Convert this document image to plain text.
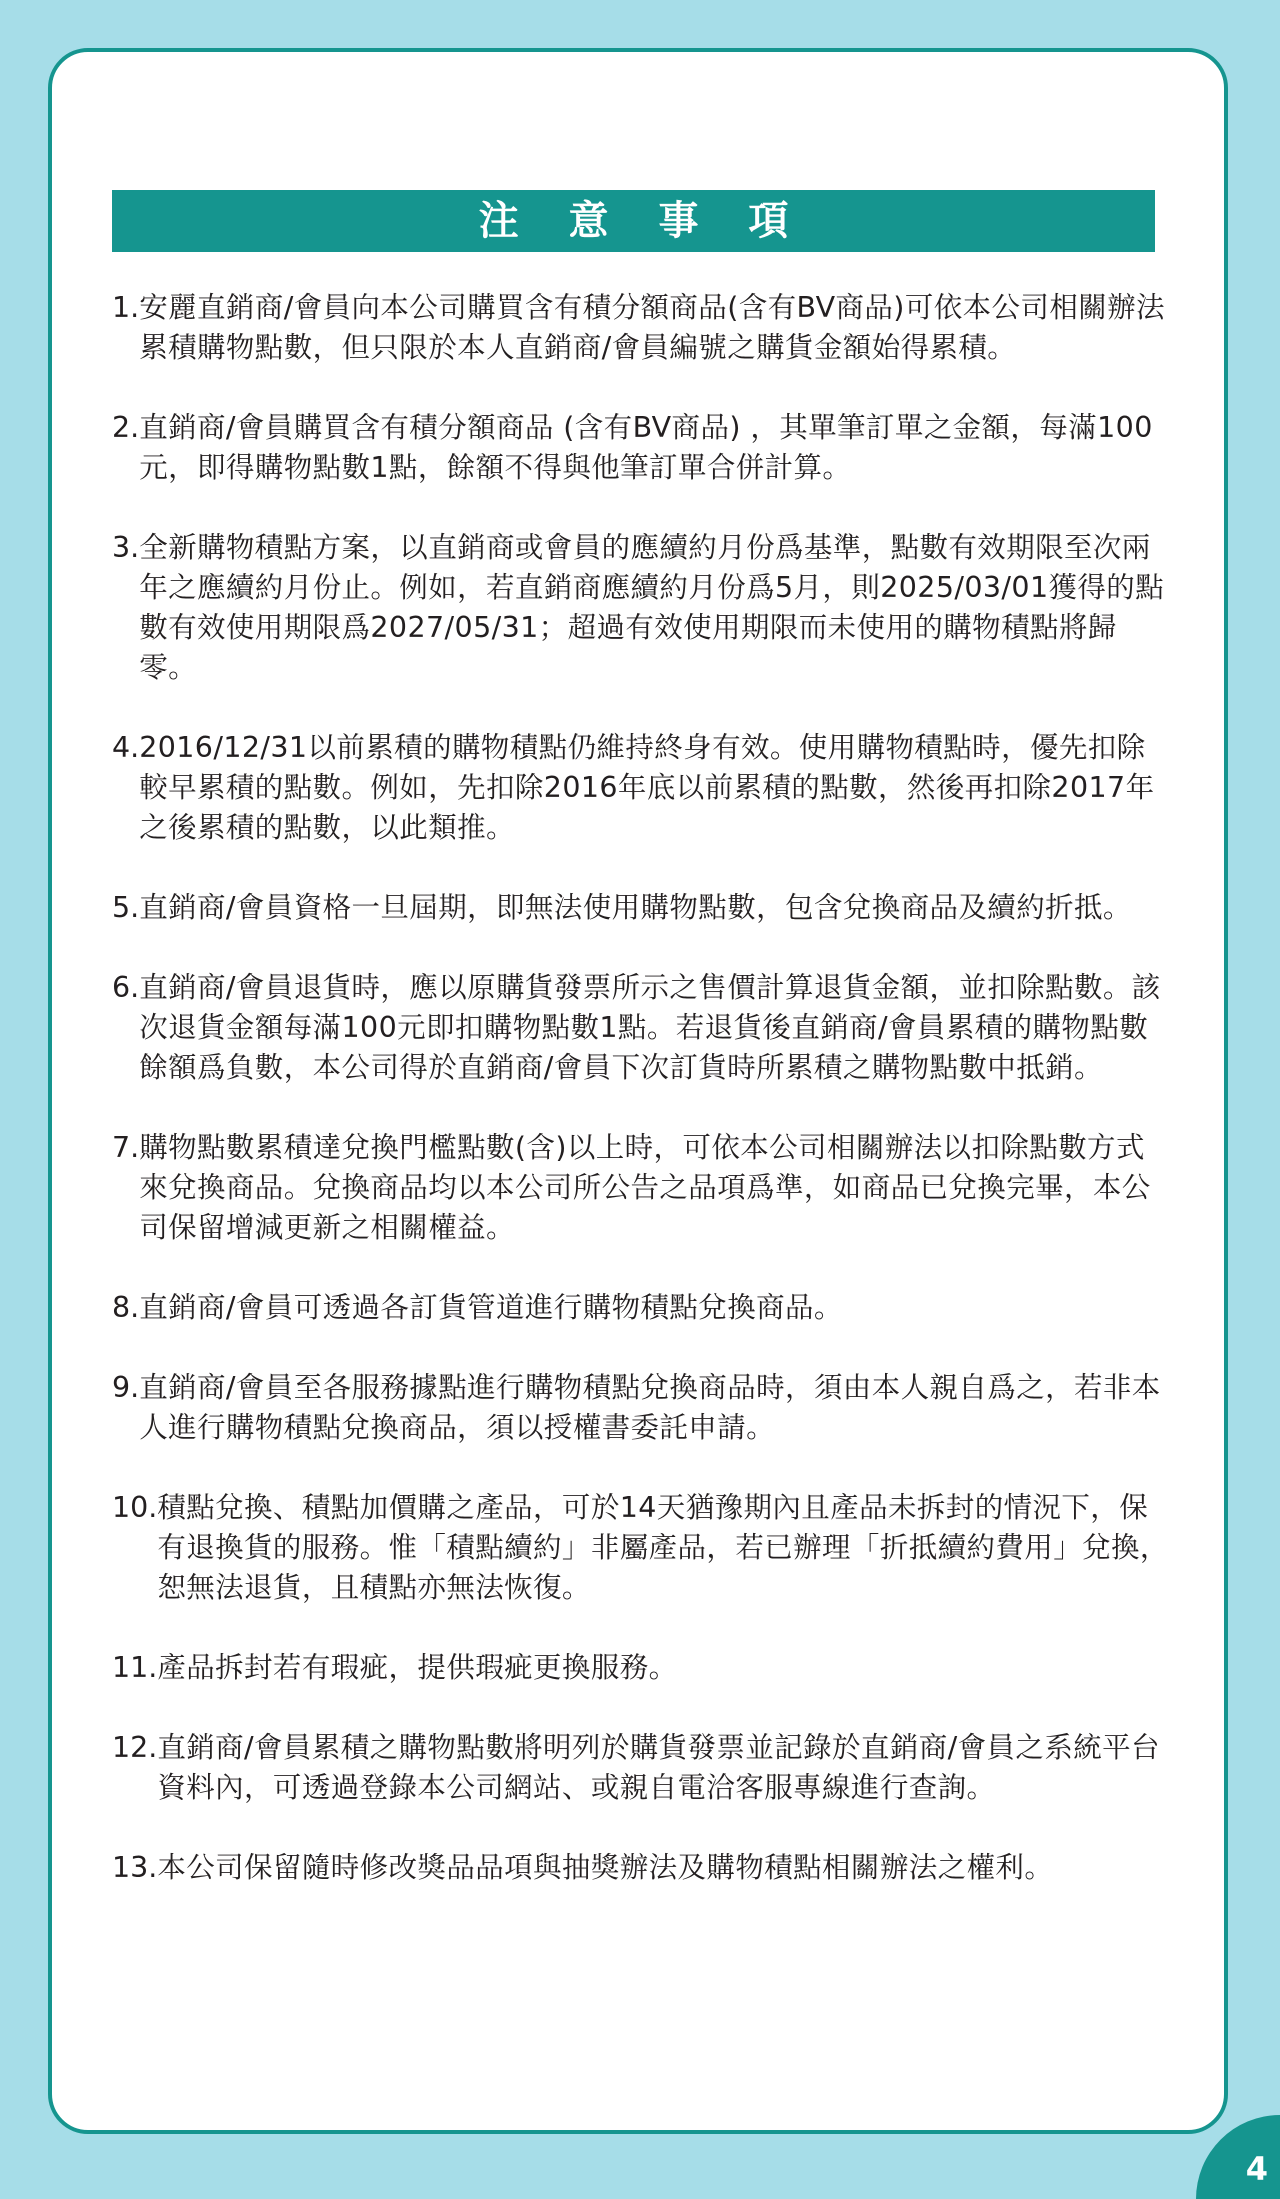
注 意 事 項
1. 安麗直銷商/會員向本公司購買含有積分額商品(含有BV商品)可依本公司相關辦法累積購物點數，但只限於本人直銷商/會員編號之購貨金額始得累積。
2. 直銷商/會員購買含有積分額商品 (含有BV商品) ，其單筆訂單之金額，每滿100元，即得購物點數1點，餘額不得與他筆訂單合併計算。
3. 全新購物積點方案，以直銷商或會員的應續約月份爲基準，點數有效期限至次兩年之應續約月份止。例如，若直銷商應續約月份爲5月，則2025/03/01獲得的點數有效使用期限爲2027/05/31；超過有效使用期限而未使用的購物積點將歸零。
4. 2016/12/31以前累積的購物積點仍維持終身有效。使用購物積點時，優先扣除較早累積的點數。例如，先扣除2016年底以前累積的點數，然後再扣除2017年之後累積的點數，以此類推。
5. 直銷商/會員資格一旦屆期，即無法使用購物點數，包含兌換商品及續約折抵。
6. 直銷商/會員退貨時，應以原購貨發票所示之售價計算退貨金額，並扣除點數。該次退貨金額每滿100元即扣購物點數1點。若退貨後直銷商/會員累積的購物點數餘額爲負數，本公司得於直銷商/會員下次訂貨時所累積之購物點數中抵銷。
7. 購物點數累積達兌換門檻點數(含)以上時，可依本公司相關辦法以扣除點數方式來兌換商品。兌換商品均以本公司所公告之品項爲準，如商品已兌換完畢，本公司保留增減更新之相關權益。
8. 直銷商/會員可透過各訂貨管道進行購物積點兌換商品。
9. 直銷商/會員至各服務據點進行購物積點兌換商品時，須由本人親自爲之，若非本人進行購物積點兌換商品，須以授權書委託申請。
10. 積點兌換、積點加價購之產品，可於14天猶豫期內且產品未拆封的情況下，保有退換貨的服務。惟「積點續約」非屬產品，若已辦理「折抵續約費用」兌換，恕無法退貨，且積點亦無法恢復。
11. 產品拆封若有瑕疵，提供瑕疵更換服務。
12. 直銷商/會員累積之購物點數將明列於購貨發票並記錄於直銷商/會員之系統平台資料內，可透過登錄本公司網站、或親自電洽客服專線進行查詢。
13. 本公司保留隨時修改獎品品項與抽獎辦法及購物積點相關辦法之權利。
4
